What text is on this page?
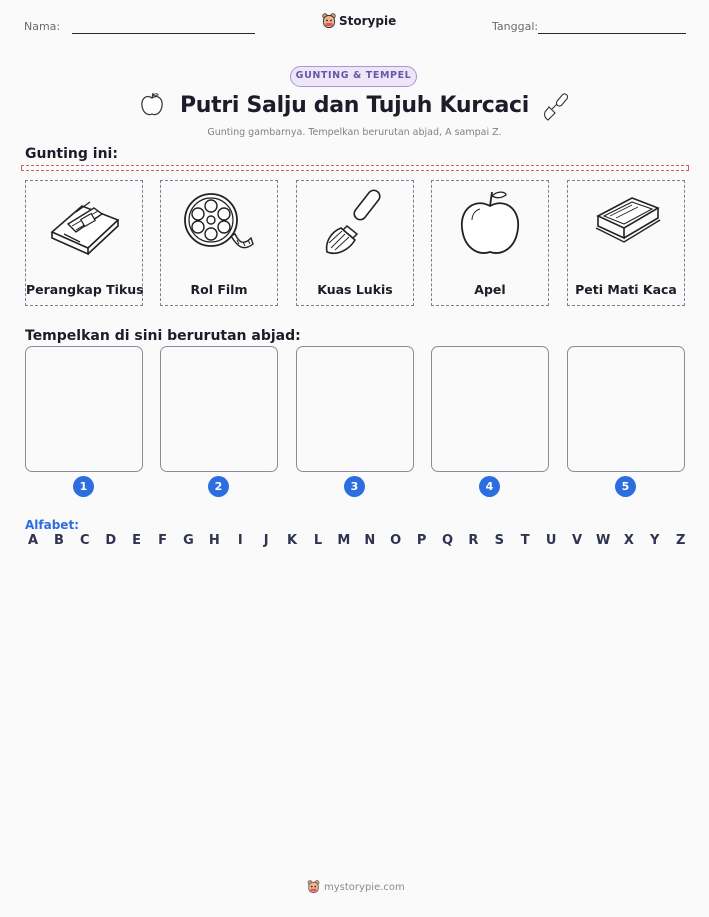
Nama:	Storypie	Tanggal:
GUNTING & TEMPEL
Putri Salju dan Tujuh Kurcaci
Gunting gambarnya. Tempelkan berurutan abjad, A sampai Z.
Gunting ini:
Perangkap Tikus	Rol Film	Kuas Lukis	Apel	Peti Mati Kaca
Tempelkan di sini berurutan abjad:
1	2	3	4	5
Alfabet:
A B C D E F G H	I	J	K L M N O P Q R S T U V W X Y Z
mystorypie.com
